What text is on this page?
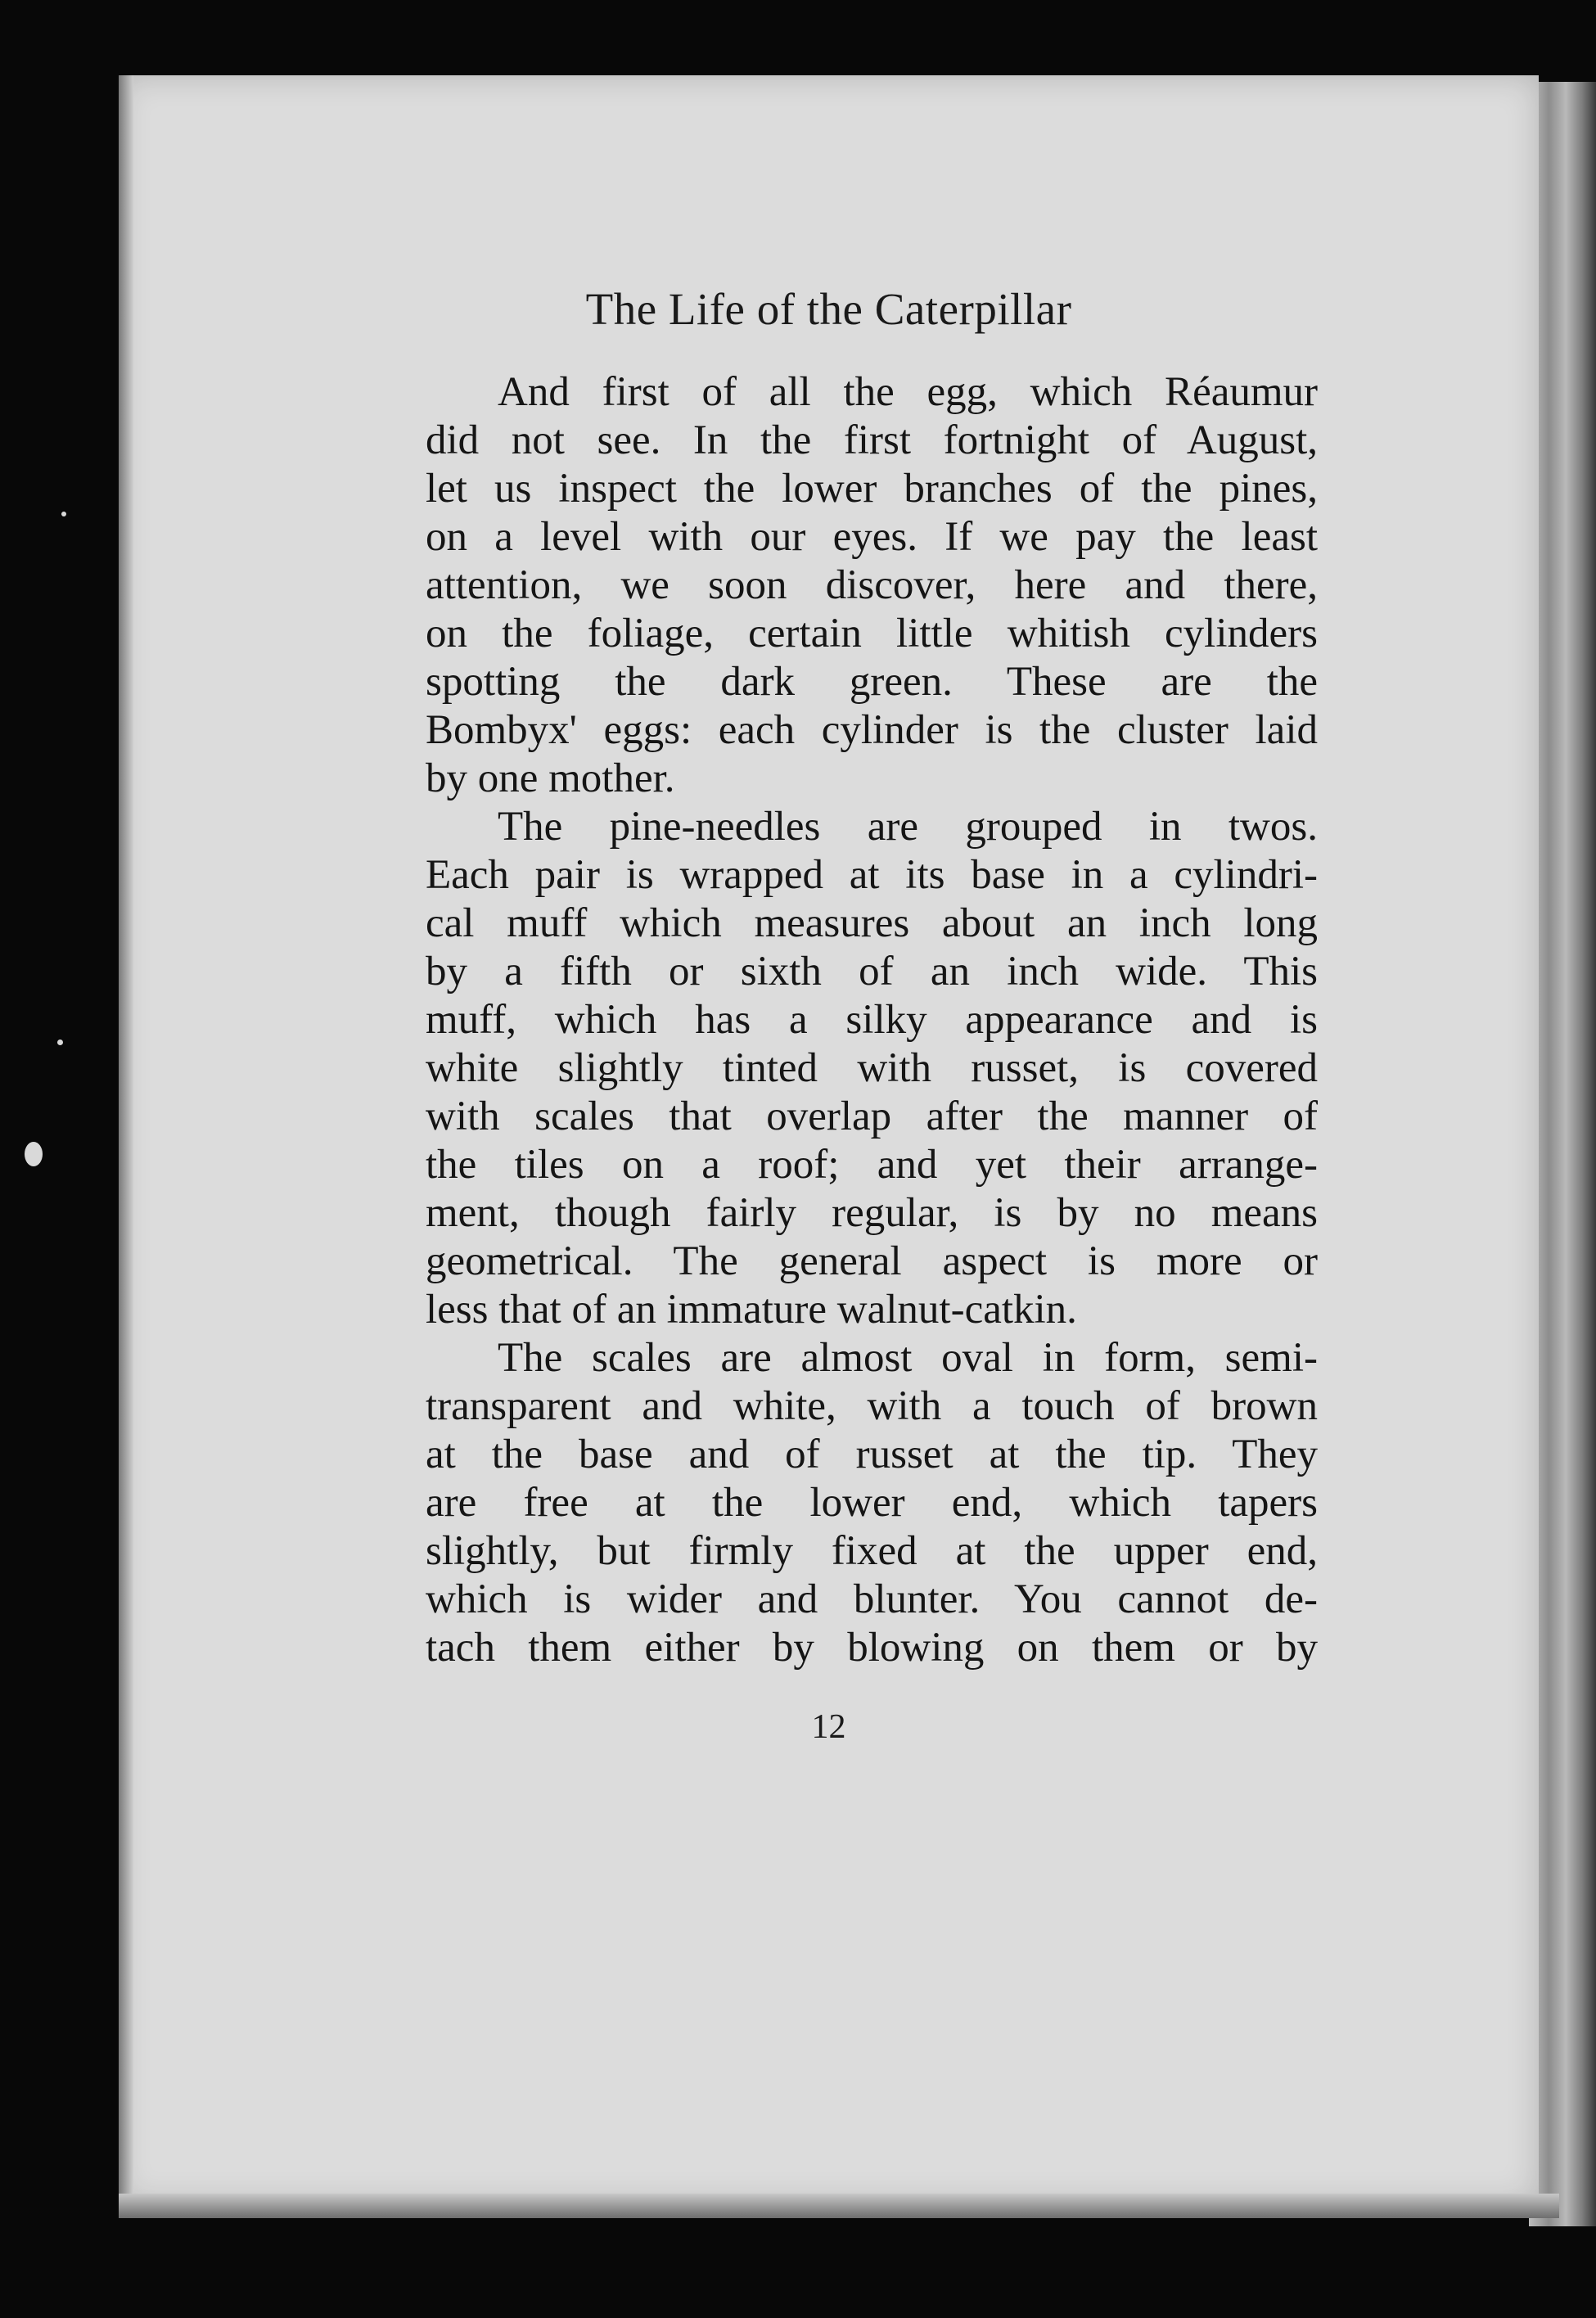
The Life of the Caterpillar
And first of all the egg, which Réaumur
did not see. In the first fortnight of August,
let us inspect the lower branches of the pines,
on a level with our eyes. If we pay the least
attention, we soon discover, here and there,
on the foliage, certain little whitish cylinders
spotting the dark green. These are the
Bombyx' eggs: each cylinder is the cluster laid
by one mother.
The pine-needles are grouped in twos.
Each pair is wrapped at its base in a cylindri-
cal muff which measures about an inch long
by a fifth or sixth of an inch wide. This
muff, which has a silky appearance and is
white slightly tinted with russet, is covered
with scales that overlap after the manner of
the tiles on a roof; and yet their arrange-
ment, though fairly regular, is by no means
geometrical. The general aspect is more or
less that of an immature walnut-catkin.
The scales are almost oval in form, semi-
transparent and white, with a touch of brown
at the base and of russet at the tip. They
are free at the lower end, which tapers
slightly, but firmly fixed at the upper end,
which is wider and blunter. You cannot de-
tach them either by blowing on them or by
12
